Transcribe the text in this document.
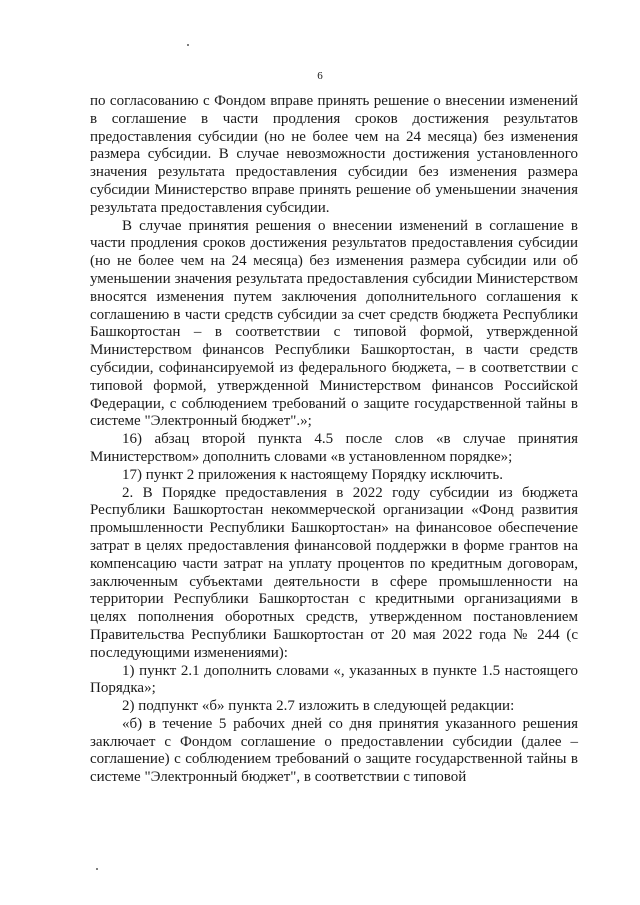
6

по согласованию с Фондом вправе принять решение о внесении изменений в соглашение в части продления сроков достижения результатов предоставления субсидии (но не более чем на 24 месяца) без изменения размера субсидии. В случае невозможности достижения установленного значения результата предоставления субсидии без изменения размера субсидии Министерство вправе принять решение об уменьшении значения результата предоставления субсидии.

В случае принятия решения о внесении изменений в соглашение в части продления сроков достижения результатов предоставления субсидии (но не более чем на 24 месяца) без изменения размера субсидии или об уменьшении значения результата предоставления субсидии Министерством вносятся изменения путем заключения дополнительного соглашения к соглашению в части средств субсидии за счет средств бюджета Республики Башкортостан – в соответствии с типовой формой, утвержденной Министерством финансов Республики Башкортостан, в части средств субсидии, софинансируемой из федерального бюджета, – в соответствии с типовой формой, утвержденной Министерством финансов Российской Федерации, с соблюдением требований о защите государственной тайны в системе "Электронный бюджет".»;

16) абзац второй пункта 4.5 после слов «в случае принятия Министерством» дополнить словами «в установленном порядке»;

17) пункт 2 приложения к настоящему Порядку исключить.

2. В Порядке предоставления в 2022 году субсидии из бюджета Республики Башкортостан некоммерческой организации «Фонд развития промышленности Республики Башкортостан» на финансовое обеспечение затрат в целях предоставления финансовой поддержки в форме грантов на компенсацию части затрат на уплату процентов по кредитным договорам, заключенным субъектами деятельности в сфере промышленности на территории Республики Башкортостан с кредитными организациями в целях пополнения оборотных средств, утвержденном постановлением Правительства Республики Башкортостан от 20 мая 2022 года № 244 (с последующими изменениями):

1) пункт 2.1 дополнить словами «, указанных в пункте 1.5 настоящего Порядка»;

2) подпункт «б» пункта 2.7 изложить в следующей редакции:

«б) в течение 5 рабочих дней со дня принятия указанного решения заключает с Фондом соглашение о предоставлении субсидии (далее – соглашение) с соблюдением требований о защите государственной тайны в системе "Электронный бюджет", в соответствии с типовой
